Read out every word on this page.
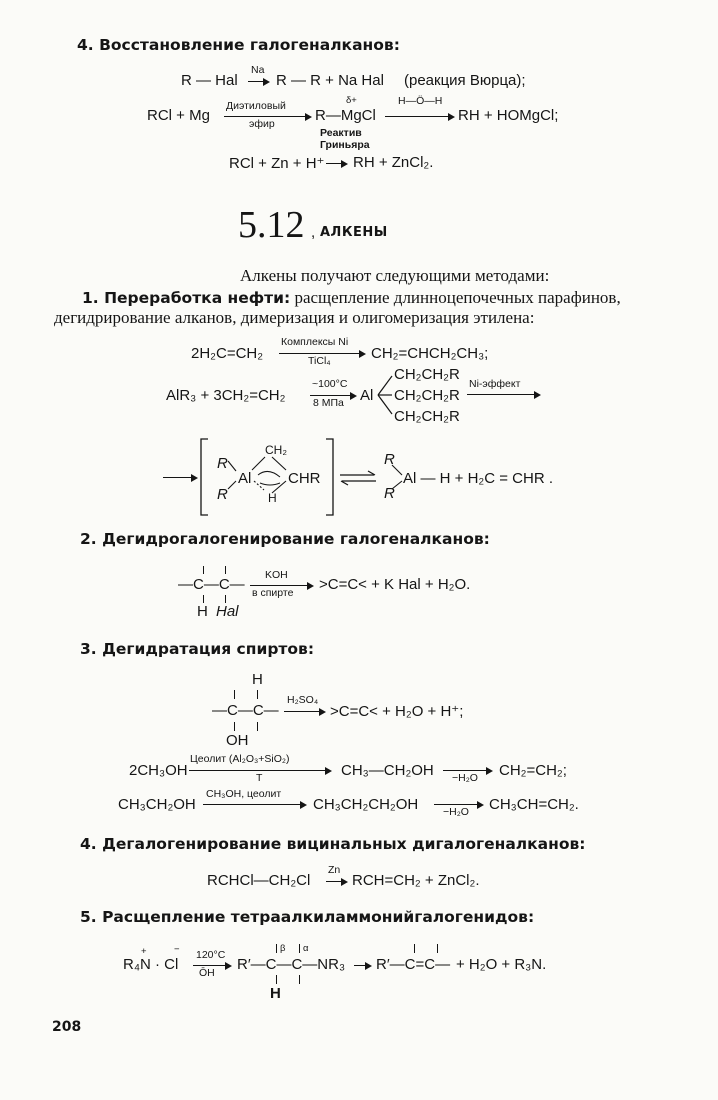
4. Восстановление галогеналканов:
R — Hal
Na
R — R + Na Hal (реакция Вюрца);
RCl + Mg
Диэтиловый
эфир
δ+
R—MgCl
H—Ö—H
RH + HOMgCl;
Реактив
Гриньяра
RCl + Zn + H⁺ RH + ZnCl₂.
5.12 , АЛКЕНЫ
Алкены получают следующими методами:
1. Переработка нефти: расщепление длинноцепочечных парафинов,
дегидрирование алканов, димеризация и олигомеризация этилена:
2H₂C=CH₂
Комплексы Ni
TiCl₄	CH₂=CHCH₂CH₃;
AlR₃ + 3CH₂=CH₂
~100°C
8 МПа Al
CH₂CH₂R
CH₂CH₂R
CH₂CH₂R
Ni-эффект
R
R
Al
CH₂
CHR
H
R
R
Al — H + H₂C = CHR .
2. Дегидрогалогенирование галогеналканов:
—C—C—
H Hal
KOH
в спирте >C=C< + K Hal + H₂O.
3. Дегидратация спиртов:
H
—C—C—
OH
H₂SO₄
>C=C< + H₂O + H⁺;
2CH₃OH
Цеолит (Al₂O₃+SiO₂)
T	CH₃—CH₂OH −H₂O CH₂=CH₂;
CH₃CH₂OH
CH₃OH, цеолит
CH₃CH₂CH₂OH −H₂O CH₃CH=CH₂.
4. Дегалогенирование вицинальных дигалогеналканов:
RCHCl—CH₂Cl
Zn
RCH=CH₂ + ZnCl₂.
5. Расщепление тетраалкиламмонийгалогенидов:
+	−
R₄N · Cl
120°C
ŌH
β α
R′—C—C—NR₃
H
R′—C=C— + H₂O + R₃N.
208
